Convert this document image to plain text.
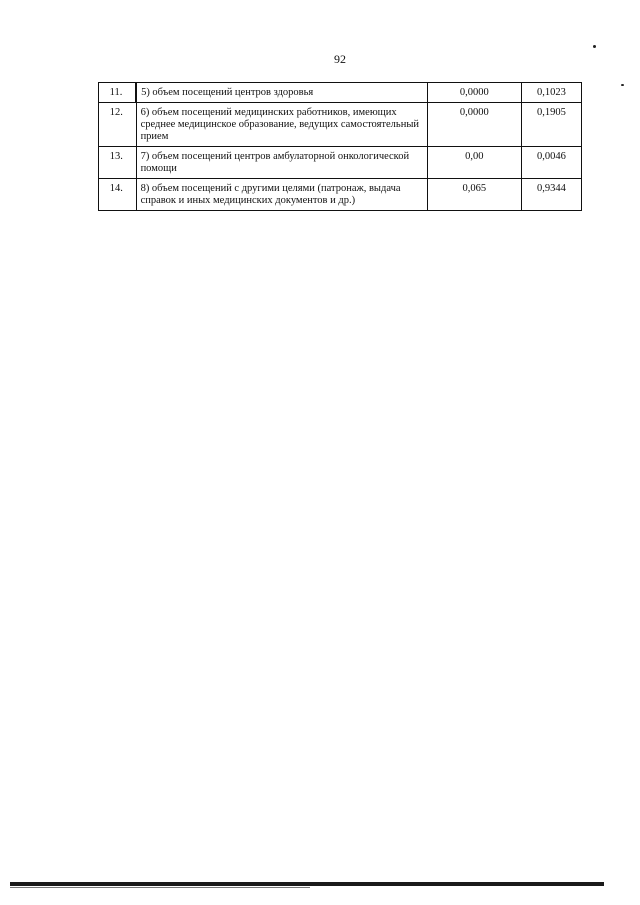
92
11.	5) объем посещений центров здоровья	0,0000	0,1023
12.	6) объем посещений медицинских работников, имеющих среднее медицинское образование, ведущих самостоятельный прием	0,0000	0,1905
13.	7) объем посещений центров амбулаторной онкологической помощи	0,00	0,0046
14.	8) объем посещений с другими целями (патронаж, выдача справок и иных медицинских документов и др.)	0,065	0,9344
